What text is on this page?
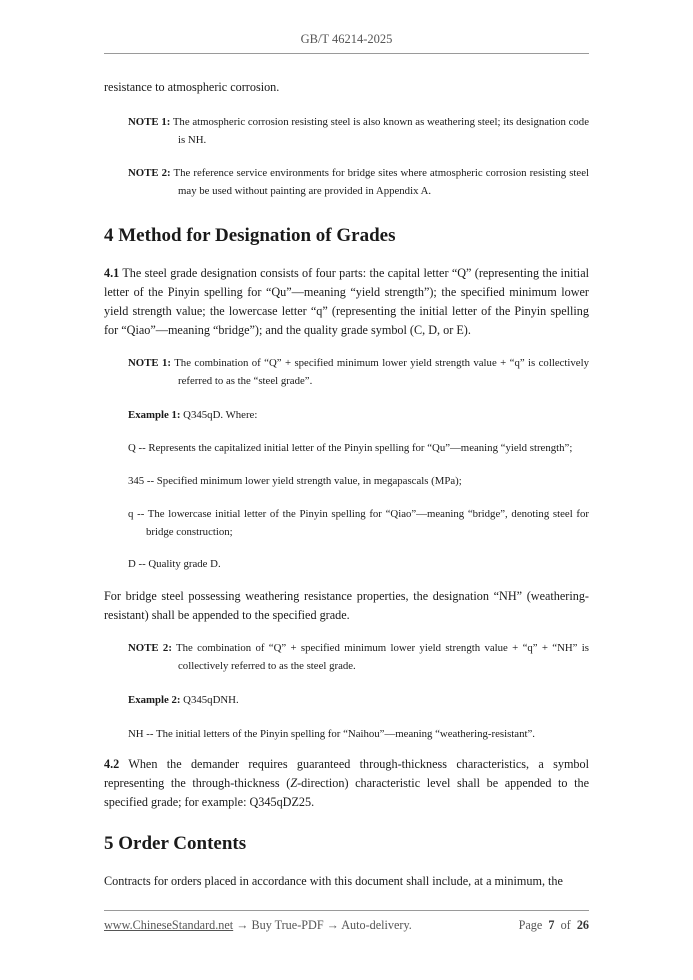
GB/T 46214-2025

resistance to atmospheric corrosion.

NOTE 1: The atmospheric corrosion resisting steel is also known as weathering steel; its designation code is NH.

NOTE 2: The reference service environments for bridge sites where atmospheric corrosion resisting steel may be used without painting are provided in Appendix A.

4 Method for Designation of Grades

4.1 The steel grade designation consists of four parts: the capital letter “Q” (representing the initial letter of the Pinyin spelling for “Qu”—meaning “yield strength”); the specified minimum lower yield strength value; the lowercase letter “q” (representing the initial letter of the Pinyin spelling for “Qiao”—meaning “bridge”); and the quality grade symbol (C, D, or E).

NOTE 1: The combination of “Q” + specified minimum lower yield strength value + “q” is collectively referred to as the “steel grade”.

Example 1: Q345qD. Where:

Q -- Represents the capitalized initial letter of the Pinyin spelling for “Qu”—meaning “yield strength”;

345 -- Specified minimum lower yield strength value, in megapascals (MPa);

q -- The lowercase initial letter of the Pinyin spelling for “Qiao”—meaning “bridge”, denoting steel for bridge construction;

D -- Quality grade D.

For bridge steel possessing weathering resistance properties, the designation “NH” (weathering-resistant) shall be appended to the specified grade.

NOTE 2: The combination of “Q” + specified minimum lower yield strength value + “q” + “NH” is collectively referred to as the steel grade.

Example 2: Q345qDNH.

NH -- The initial letters of the Pinyin spelling for “Naihou”—meaning “weathering-resistant”.

4.2 When the demander requires guaranteed through-thickness characteristics, a symbol representing the through-thickness (Z-direction) characteristic level shall be appended to the specified grade; for example: Q345qDZ25.

5 Order Contents

Contracts for orders placed in accordance with this document shall include, at a minimum, the

www.ChineseStandard.net → Buy True-PDF → Auto-delivery.	Page 7 of 26
